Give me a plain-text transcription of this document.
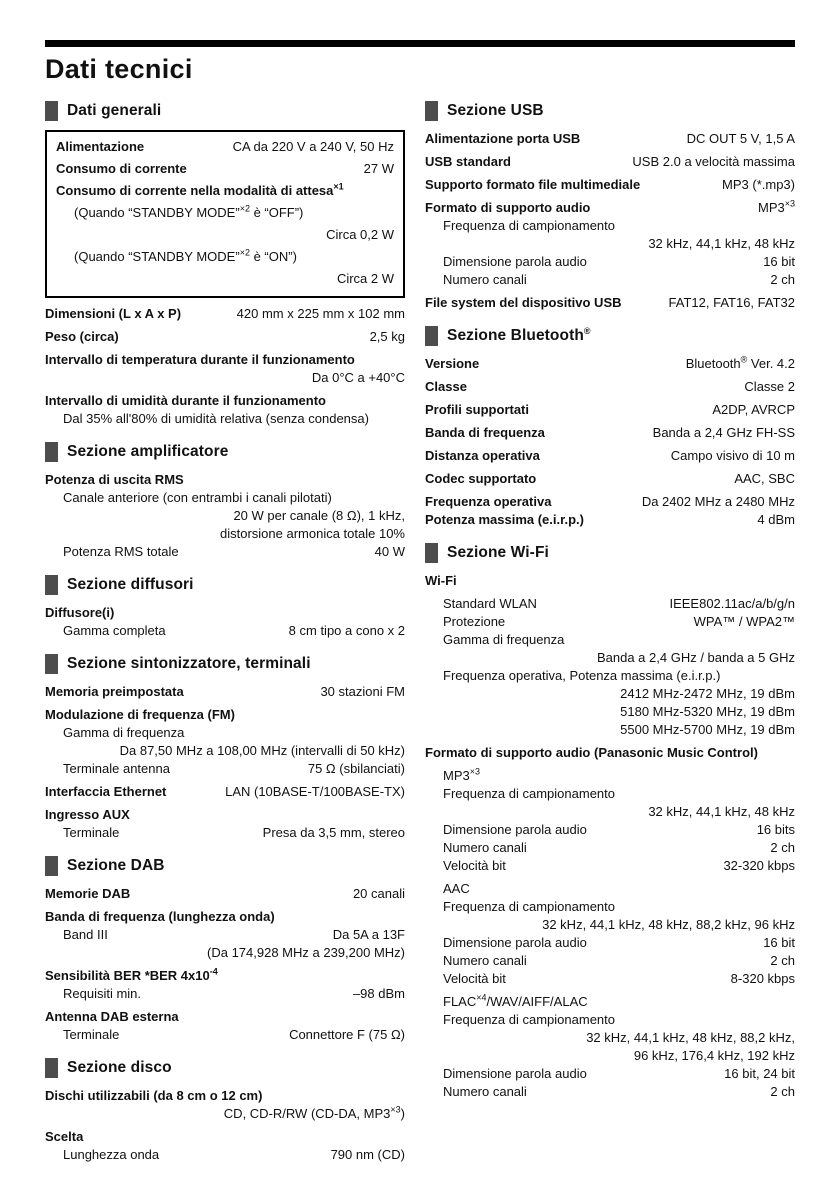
Dati tecnici
Dati generali
Alimentazione	CA da 220 V a 240 V, 50 Hz
Consumo di corrente	27 W
Consumo di corrente nella modalità di attesa$^{\times 1}$
(Quando “STANDBY MODE”$^{\times 2}$ è “OFF”)
Circa 0,2 W
(Quando “STANDBY MODE”$^{\times 2}$ è “ON”)
Circa 2 W
Dimensioni (L x A x P)	420 mm x 225 mm x 102 mm
Peso (circa)	2,5 kg
Intervallo di temperatura durante il funzionamento
Da 0°C a +40°C
Intervallo di umidità durante il funzionamento
Dal 35% all'80% di umidità relativa (senza condensa)
Sezione amplificatore
Potenza di uscita RMS
Canale anteriore (con entrambi i canali pilotati)
20 W per canale (8 Ω), 1 kHz,
distorsione armonica totale 10%
Potenza RMS totale	40 W
Sezione diffusori
Diffusore(i)
Gamma completa	8 cm tipo a cono x 2
Sezione sintonizzatore, terminali
Memoria preimpostata	30 stazioni FM
Modulazione di frequenza (FM)
Gamma di frequenza
Da 87,50 MHz a 108,00 MHz (intervalli di 50 kHz)
Terminale antenna	75 Ω (sbilanciati)
Interfaccia Ethernet	LAN (10BASE-T/100BASE-TX)
Ingresso AUX
Terminale	Presa da 3,5 mm, stereo
Sezione DAB
Memorie DAB	20 canali
Banda di frequenza (lunghezza onda)
Band III	Da 5A a 13F
(Da 174,928 MHz a 239,200 MHz)
Sensibilità BER *BER $4x10^{-4}$
Requisiti min.	–98 dBm
Antenna DAB esterna
Terminale	Connettore F (75 Ω)
Sezione disco
Dischi utilizzabili (da 8 cm o 12 cm)
CD, CD-R/RW (CD-DA, $MP3^{\times 3}$)
Scelta
Lunghezza onda	790 nm (CD)
Sezione USB
Alimentazione porta USB	DC OUT 5 V, 1,5 A
USB standard	USB 2.0 a velocità massima
Supporto formato file multimediale	MP3 (*.mp3)
Formato di supporto audio	$MP3^{\times 3}$
Frequenza di campionamento
32 kHz, 44,1 kHz, 48 kHz
Dimensione parola audio	16 bit
Numero canali	2 ch
File system del dispositivo USB	FAT12, FAT16, FAT32
Sezione Bluetooth®
Versione	Bluetooth® Ver. 4.2
Classe	Classe 2
Profili supportati	A2DP, AVRCP
Banda di frequenza	Banda a 2,4 GHz FH-SS
Distanza operativa	Campo visivo di 10 m
Codec supportato	AAC, SBC
Frequenza operativa	Da 2402 MHz a 2480 MHz
Potenza massima (e.i.r.p.)	4 dBm
Sezione Wi-Fi
Wi-Fi
Standard WLAN	IEEE802.11ac/a/b/g/n
Protezione	WPA™ / WPA2™
Gamma di frequenza
Banda a 2,4 GHz / banda a 5 GHz
Frequenza operativa, Potenza massima (e.i.r.p.)
2412 MHz-2472 MHz, 19 dBm
5180 MHz-5320 MHz, 19 dBm
5500 MHz-5700 MHz, 19 dBm
Formato di supporto audio (Panasonic Music Control)
$MP3^{\times 3}$
Frequenza di campionamento
32 kHz, 44,1 kHz, 48 kHz
Dimensione parola audio	16 bits
Numero canali	2 ch
Velocità bit	32-320 kbps
AAC
Frequenza di campionamento
32 kHz, 44,1 kHz, 48 kHz, 88,2 kHz, 96 kHz
Dimensione parola audio	16 bit
Numero canali	2 ch
Velocità bit	8-320 kbps
$FLAC^{\times 4}/WAV/AIFF$/ALAC
Frequenza di campionamento
32 kHz, 44,1 kHz, 48 kHz, 88,2 kHz,
96 kHz, 176,4 kHz, 192 kHz
Dimensione parola audio	16 bit, 24 bit
Numero canali	2 ch
